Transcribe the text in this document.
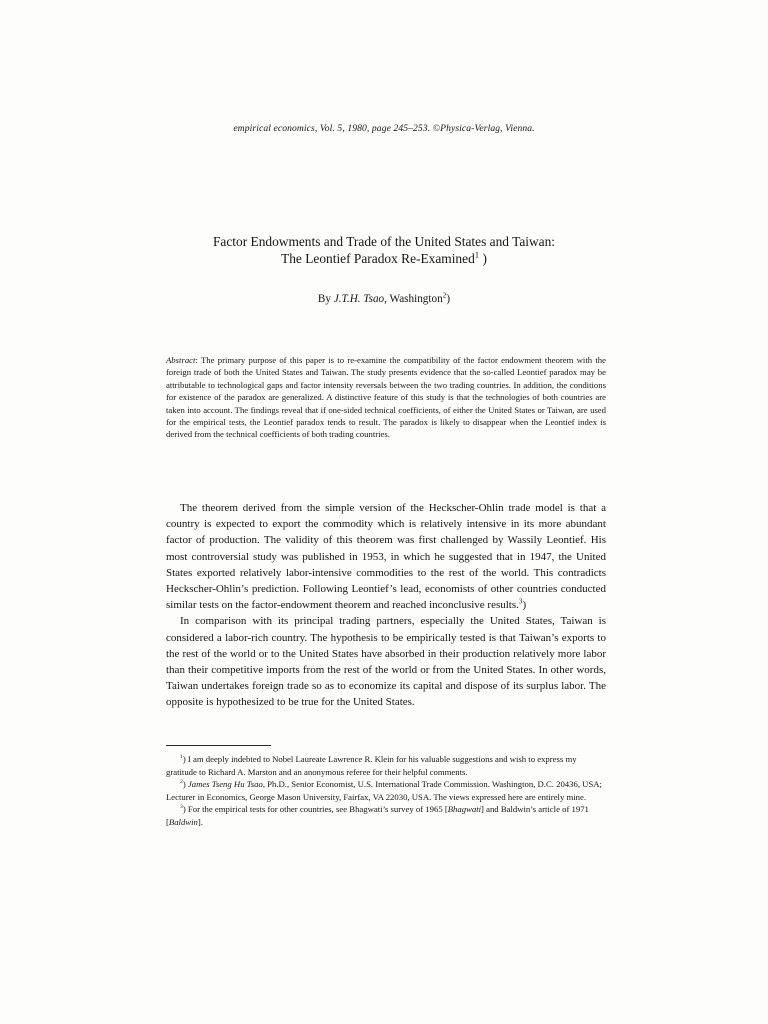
empirical economics, Vol. 5, 1980, page 245–253. ©Physica-Verlag, Vienna.
Factor Endowments and Trade of the United States and Taiwan:
The Leontief Paradox Re-Examined$^1$ )
By J.T.H. Tsao, Washington$^2$)
Abstract: The primary purpose of this paper is to re-examine the compatibility of the factor endowment theorem with the foreign trade of both the United States and Taiwan. The study presents evidence that the so-called Leontief paradox may be attributable to technological gaps and factor intensity reversals between the two trading countries. In addition, the conditions for existence of the paradox are generalized. A distinctive feature of this study is that the technologies of both countries are taken into account. The findings reveal that if one-sided technical coefficients, of either the United States or Taiwan, are used for the empirical tests, the Leontief paradox tends to result. The paradox is likely to disappear when the Leontief index is derived from the technical coefficients of both trading countries.

The theorem derived from the simple version of the Heckscher-Ohlin trade model is that a country is expected to export the commodity which is relatively intensive in its more abundant factor of production. The validity of this theorem was first challenged by Wassily Leontief. His most controversial study was published in 1953, in which he suggested that in 1947, the United States exported relatively labor-intensive commodities to the rest of the world. This contradicts Heckscher-Ohlin’s prediction. Following Leontief’s lead, economists of other countries conducted similar tests on the factor-endowment theorem and reached inconclusive results.$^3$)

In comparison with its principal trading partners, especially the United States, Taiwan is considered a labor-rich country. The hypothesis to be empirically tested is that Taiwan’s exports to the rest of the world or to the United States have absorbed in their production relatively more labor than their competitive imports from the rest of the world or from the United States. In other words, Taiwan undertakes foreign trade so as to economize its capital and dispose of its surplus labor. The opposite is hypothesized to be true for the United States.

$^1$) I am deeply indebted to Nobel Laureate Lawrence R. Klein for his valuable suggestions and wish to express my gratitude to Richard A. Marston and an anonymous referee for their helpful comments.

$^2$) James Tseng Hu Tsao, Ph.D., Senior Economist, U.S. International Trade Commission. Washington, D.C. 20436, USA; Lecturer in Economics, George Mason University, Fairfax, VA 22030, USA. The views expressed here are entirely mine.

$^3$) For the empirical tests for other countries, see Bhagwati’s survey of 1965 [Bhagwati] and Baldwin’s article of 1971 [Baldwin].
